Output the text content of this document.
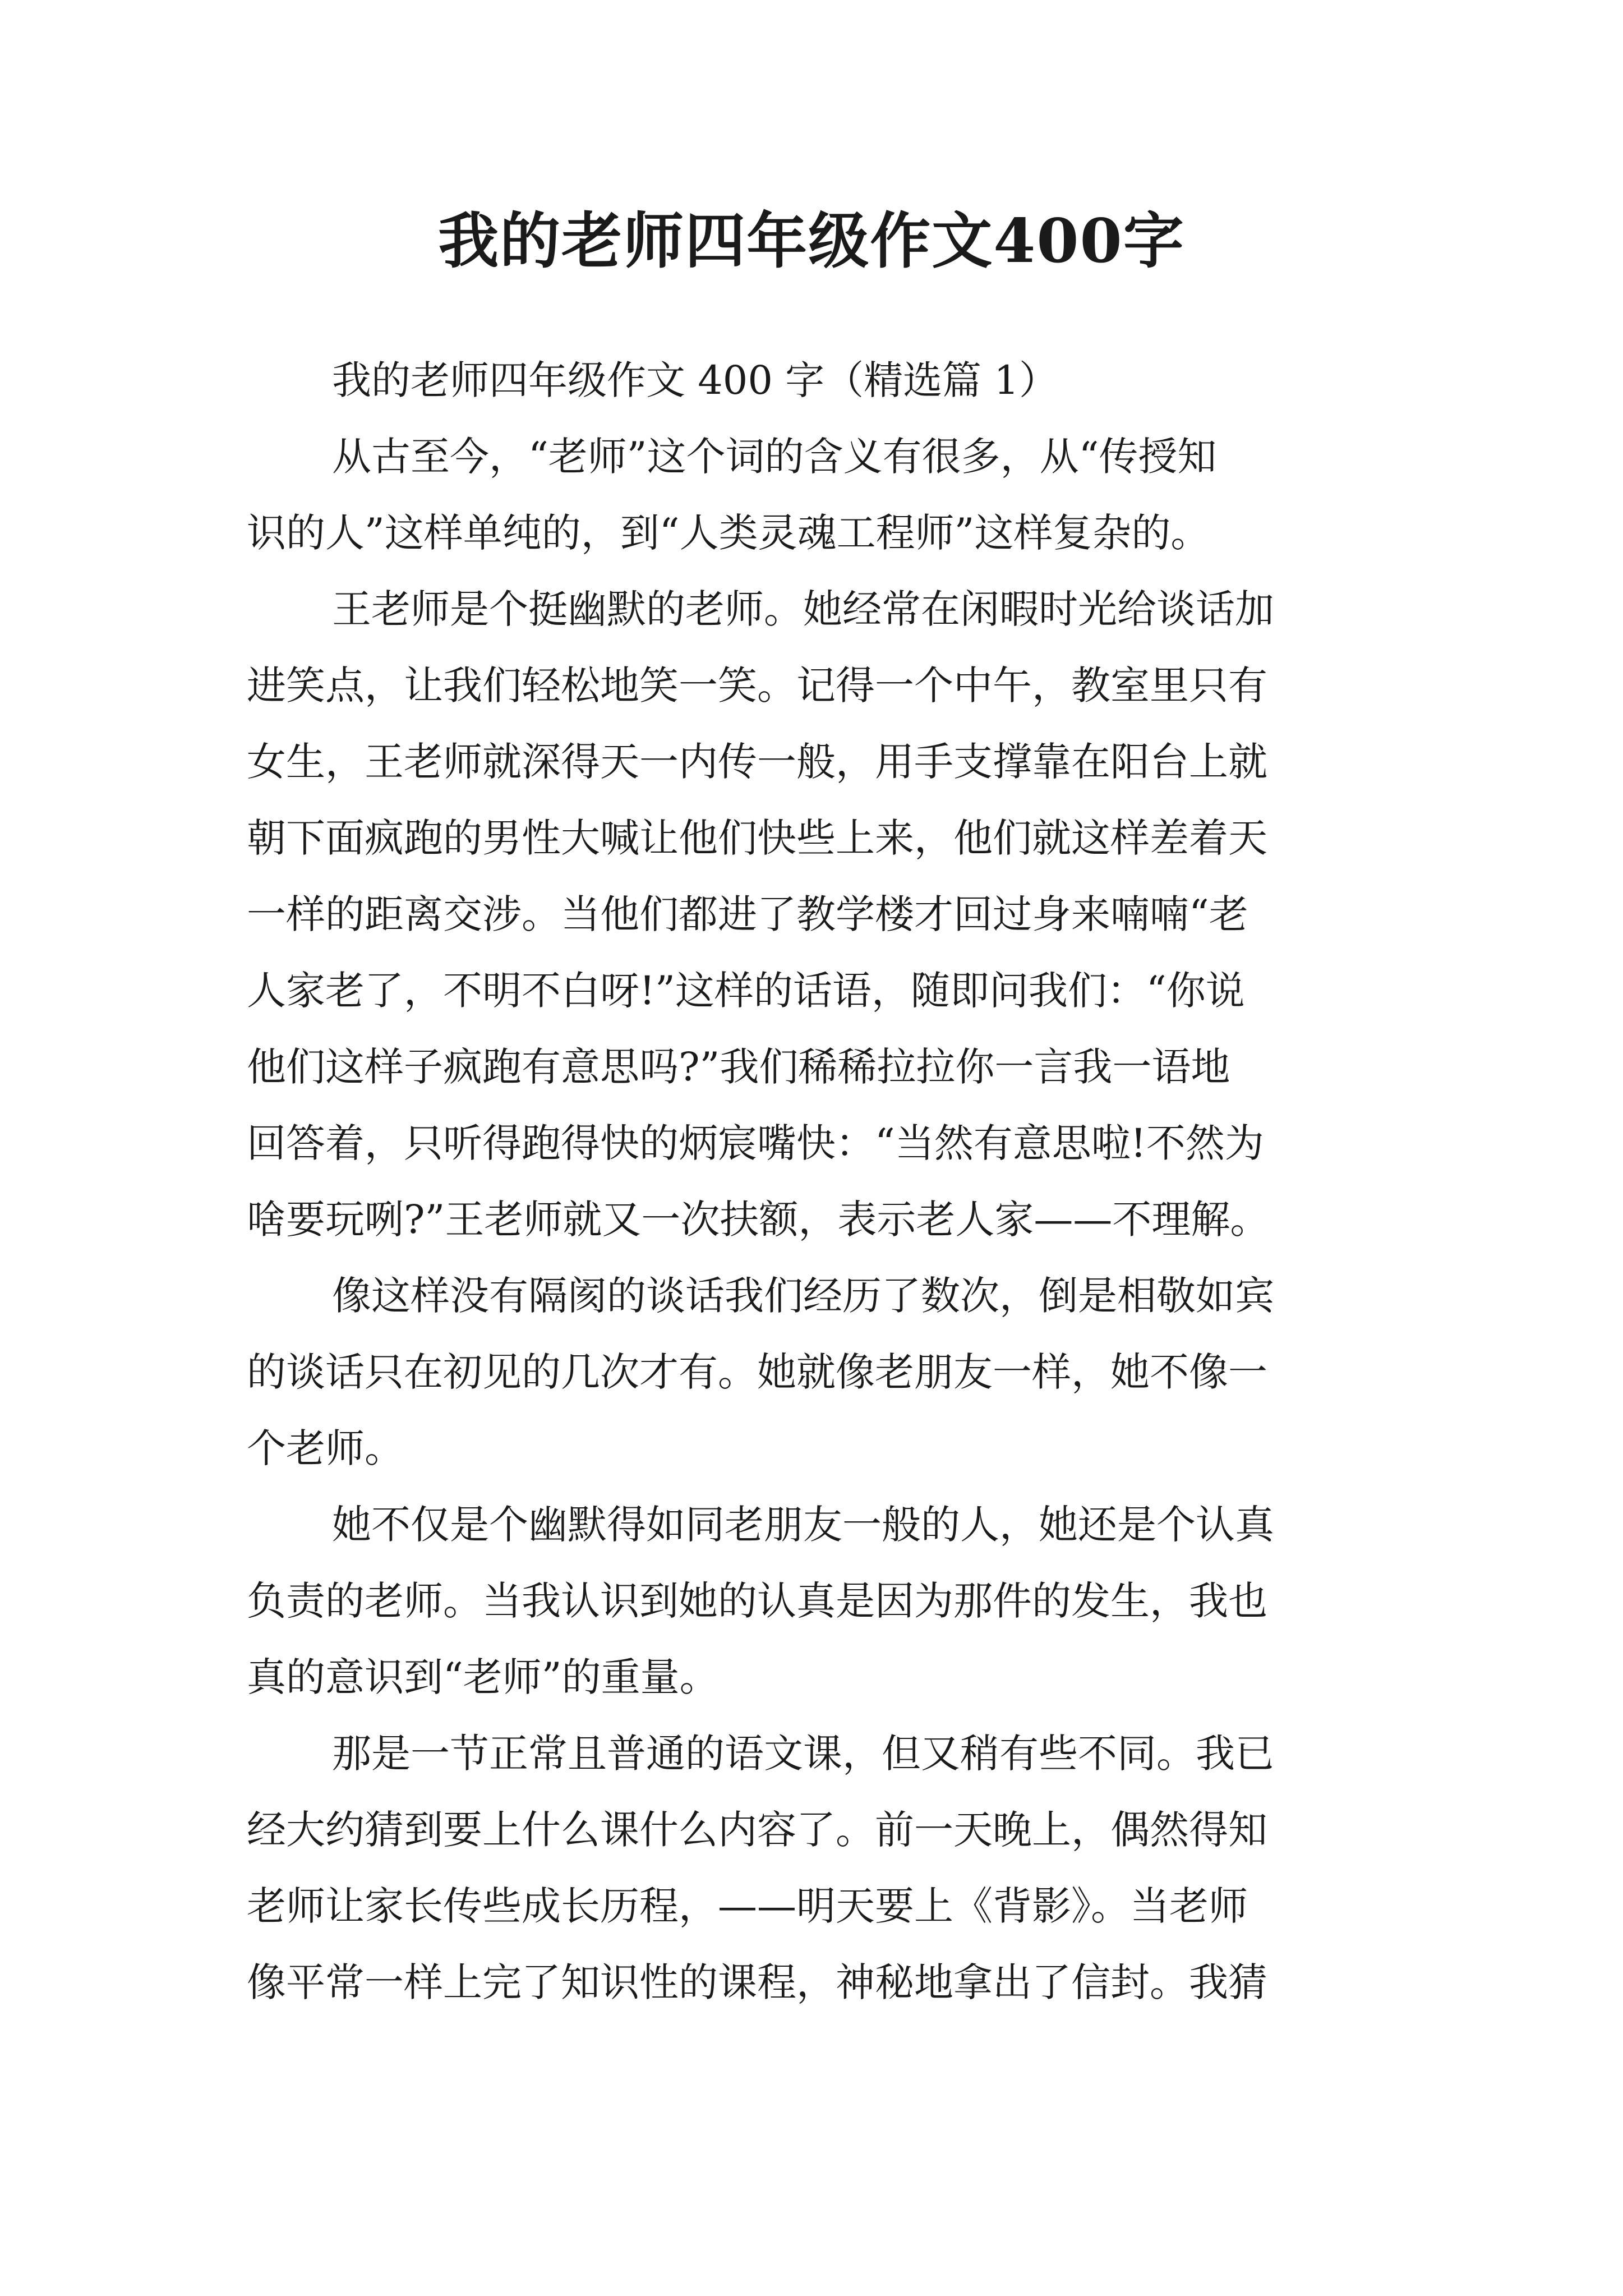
我的老师四年级作文400字
我的老师四年级作文 400 字（精选篇 1）
从古至今，“老师”这个词的含义有很多，从“传授知
识的人”这样单纯的，到“人类灵魂工程师”这样复杂的。
王老师是个挺幽默的老师。她经常在闲暇时光给谈话加
进笑点，让我们轻松地笑一笑。记得一个中午，教室里只有
女生，王老师就深得天一内传一般，用手支撑靠在阳台上就
朝下面疯跑的男性大喊让他们快些上来，他们就这样差着天
一样的距离交涉。当他们都进了教学楼才回过身来喃喃“老
人家老了，不明不白呀!”这样的话语，随即问我们：“你说
他们这样子疯跑有意思吗?”我们稀稀拉拉你一言我一语地
回答着，只听得跑得快的炳宸嘴快：“当然有意思啦!不然为
啥要玩咧?”王老师就又一次扶额，表示老人家——不理解。
像这样没有隔阂的谈话我们经历了数次，倒是相敬如宾
的谈话只在初见的几次才有。她就像老朋友一样，她不像一
个老师。
她不仅是个幽默得如同老朋友一般的人，她还是个认真
负责的老师。当我认识到她的认真是因为那件的发生，我也
真的意识到“老师”的重量。
那是一节正常且普通的语文课，但又稍有些不同。我已
经大约猜到要上什么课什么内容了。前一天晚上，偶然得知
老师让家长传些成长历程，——明天要上《背影》。当老师
像平常一样上完了知识性的课程，神秘地拿出了信封。我猜
